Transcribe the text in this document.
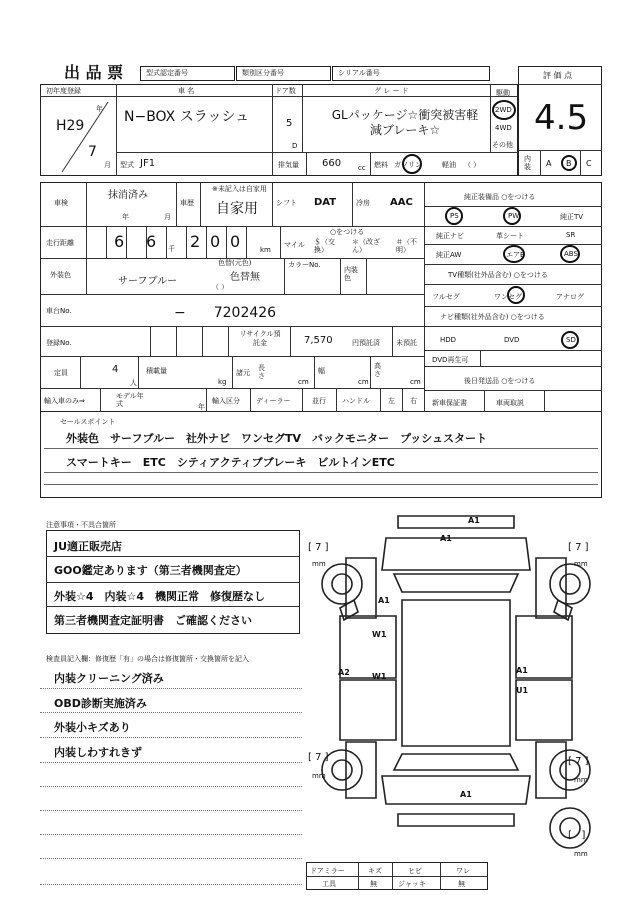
出 品 票	型式認定番号	類別区分番号	シリアル番号	評 価 点
4.5
内装	A B C
初年度登録
年
H29
7
月
車 名
N−BOX スラッシュ
ドア数
5
D
グ レ ー ド
GLパッケージ☆衝突被害軽減ブレーキ☆
駆動
2WD
4WD
その他
型式 JF1	排気量 660 cc 燃料 ガソリン	軽油 （ ）
車検
抹消済み
年	月
車歴
※未記入は自家用
自家用	シフト DAT	冷房 AAC
走行距離	6 6 千 2 0 0	km
○をつける
マイル ＄（交換）
＊（改ざん）
＃（不明）
外装色
サーフブルー
色替(元色)
色替無
（ ）
カラーNo.
内装色
車台No.	−　　7202426
登録No.
リサイクル預託金	7,570	円預託済 未預託
定員	4
人
積載量
kg
諸元
長さ
cm
幅
cm
高さ
cm
輸入車のみ⇒
モデル年式	年
輸入区分 ディーラー	並行 ハンドル	左 右
純正装備品 ○をつける
PS	PW	純正TV
純正ナビ	革シート	SR
純正AW	エアB	ABS
TV種類(社外品含む) ○をつける
フルセグ	ワンセグ	アナログ
ナビ種類(社外品含む) ○をつける
HDD	DVD	SD
DVD再生可
後日発送品 ○をつける
新車保証書	車両取説
セールスポイント
外装色　サーフブルー　社外ナビ　ワンセグTV　バックモニター　プッシュスタート
スマートキー　ETC　シティアクティブブレーキ　ビルトインETC
注意事項・不具合箇所
JU適正販売店
GOO鑑定あります（第三者機関査定）
外装☆4　内装☆4　機関正常　修復歴なし
第三者機関査定証明書　ご確認ください
検査員記入欄：修復歴「有」の場合は修復箇所・交換箇所を記入
内装クリーニング済み
OBD診断実施済み
外装小キズあり
内装しわすれきず
A1
A1
A1
W1
W1
A2	A1
U1
A1
[ 7 ]
mm
[ 7 ]
mm
[ 7 ]
mm
[ 7 ]
mm
[ ]
mm
ドアミラー	キズ	ヒビ	ワレ
工具	無	ジャッキ	無
